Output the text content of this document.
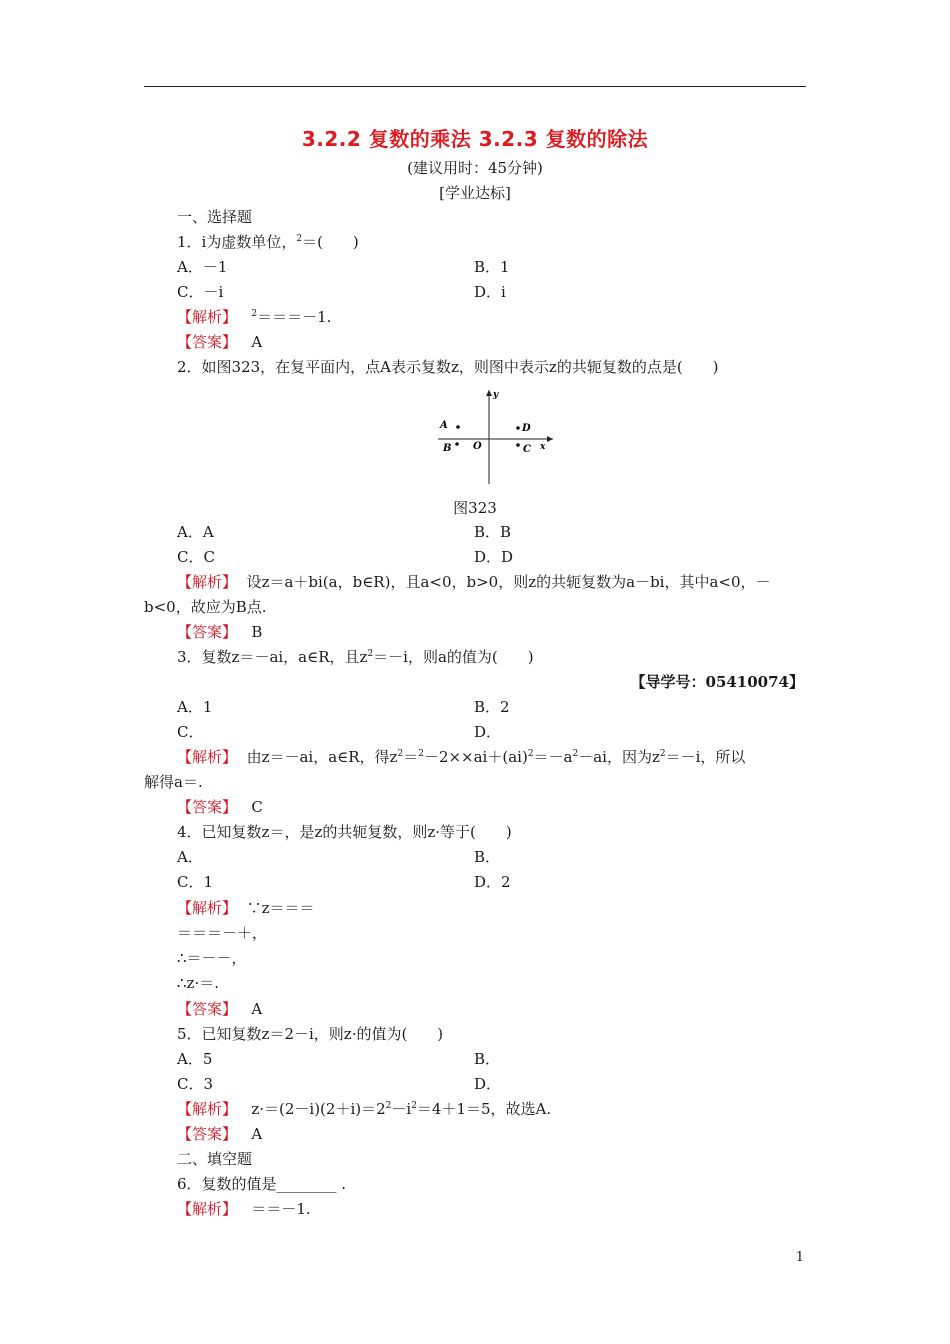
3.2.2 复数的乘法 3.2.3 复数的除法
(建议用时：45分钟)
[学业达标]
一、选择题
1．i为虚数单位，$^2$＝(　　)
A．－1	B．1
C．－i	D．i
【解析】 $^2$＝＝＝－1.
【答案】 A
2．如图323，在复平面内，点A表示复数z，则图中表示z的共轭复数的点是(　　)
y
x
A
B O
D
C
图323
A．A	B．B
C．C	D．D
【解析】 设z＝a＋bi(a，b∈R)，且a<0，b>0，则z的共轭复数为a－bi，其中a<0，－
b<0，故应为B点.
【答案】 B
3．复数z＝－ai，a∈R，且$z^2=-i$，则a的值为(　　)
【导学号：05410074】
A．1	B．2
C．	D．
【解析】 由z＝－ai，a∈R，得$z^2=^2-2\times\times ai+(ai)^2=-a^2-ai$，因为$z^2=-i$，所以
解得a＝.
【答案】 C
4．已知复数z＝，是z的共轭复数，则z·等于(　　)
A．	B．
C．1	D．2
【解析】 ∵z＝＝＝
＝＝＝－＋，
∴＝－－，
∴z·＝.
【答案】 A
5．已知复数z＝2－i，则z·的值为(　　)
A．5	B．
C．3	D．
【解析】 $z\cdot=(2-i)(2+i)=2^2-i^2=4+1=5$，故选A.
【答案】 A
二、填空题
6．复数的值是________ .
【解析】 ＝＝－1.
1
